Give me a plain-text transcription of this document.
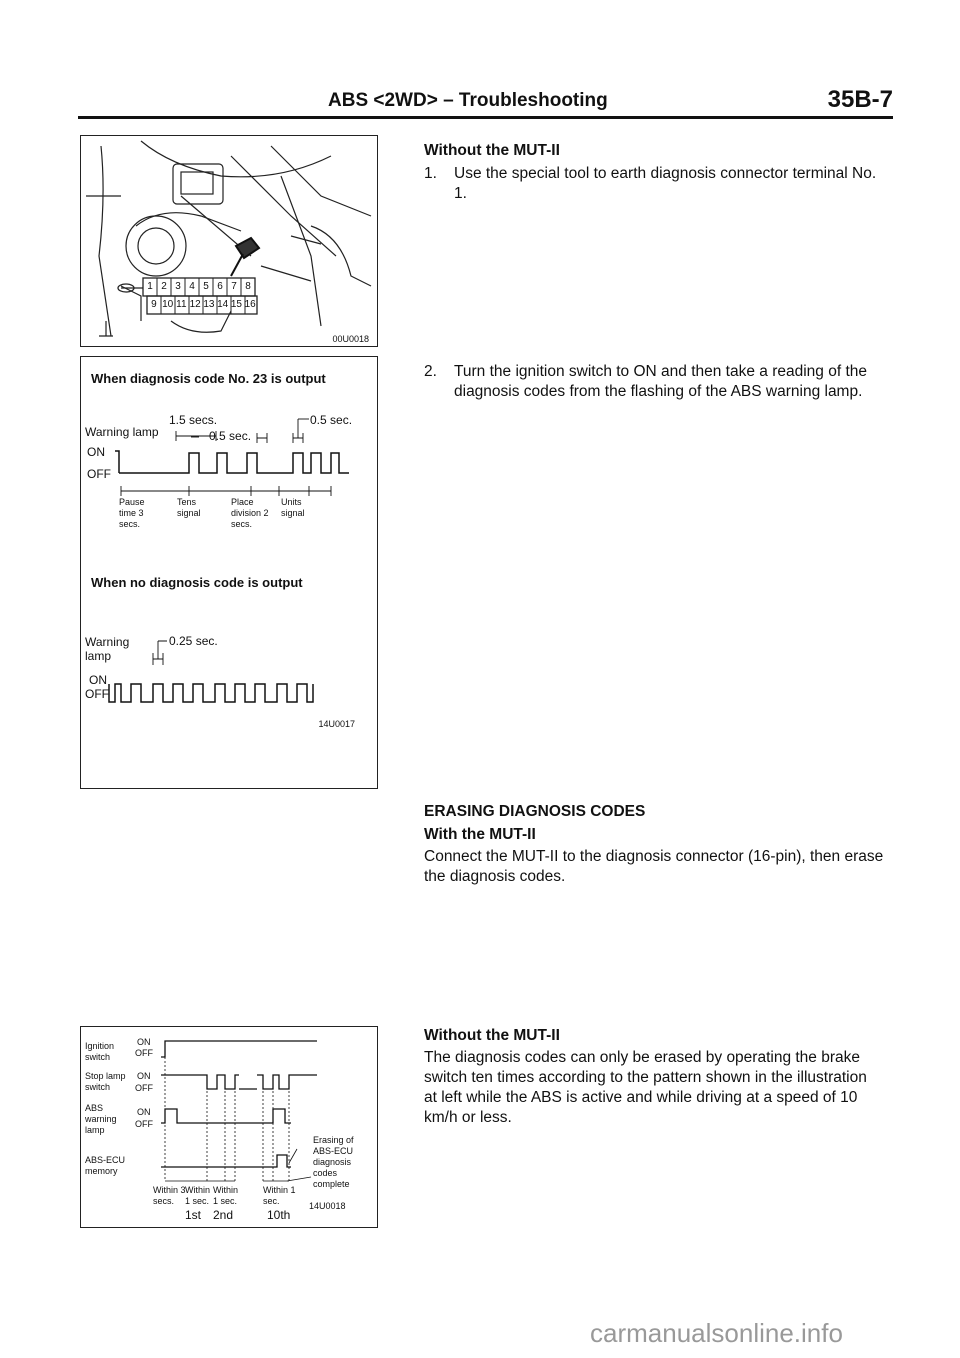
ABS <2WD> – Troubleshooting	35B-7
1 2 3 4 5 6 7 8
9 10 11 12 13 14 15 16
00U0018
When diagnosis code No. 23 is output
1.5 secs.	0.5 sec.
Warning lamp	0.5 sec.
ON
OFF
Pause time 3 secs.
Tens signal
Place division 2 secs.
Units signal
When no diagnosis code is output
Warning	0.25 sec.
lamp
ON
OFF
14U0017
Ignition switch
ON
OFF
Stop lamp switch
ON
OFF
ABS warning lamp
ON
OFF
ABS-ECU memory
Erasing of ABS-ECU diagnosis codes complete
Within 3 secs.
Within 1 sec.
Within 1 sec.
Within 1 sec.
1st 2nd	10th
14U0018
Without the MUT-II
1. Use the special tool to earth diagnosis connector terminal No. 1.
2. Turn the ignition switch to ON and then take a reading of the diagnosis codes from the flashing of the ABS warning lamp.
ERASING DIAGNOSIS CODES
With the MUT-II
Connect the MUT-II to the diagnosis connector (16-pin), then erase the diagnosis codes.
Without the MUT-II
The diagnosis codes can only be erased by operating the brake switch ten times according to the pattern shown in the illustration at left while the ABS is active and while driving at a speed of 10 km/h or less.
carmanualsonline.info
